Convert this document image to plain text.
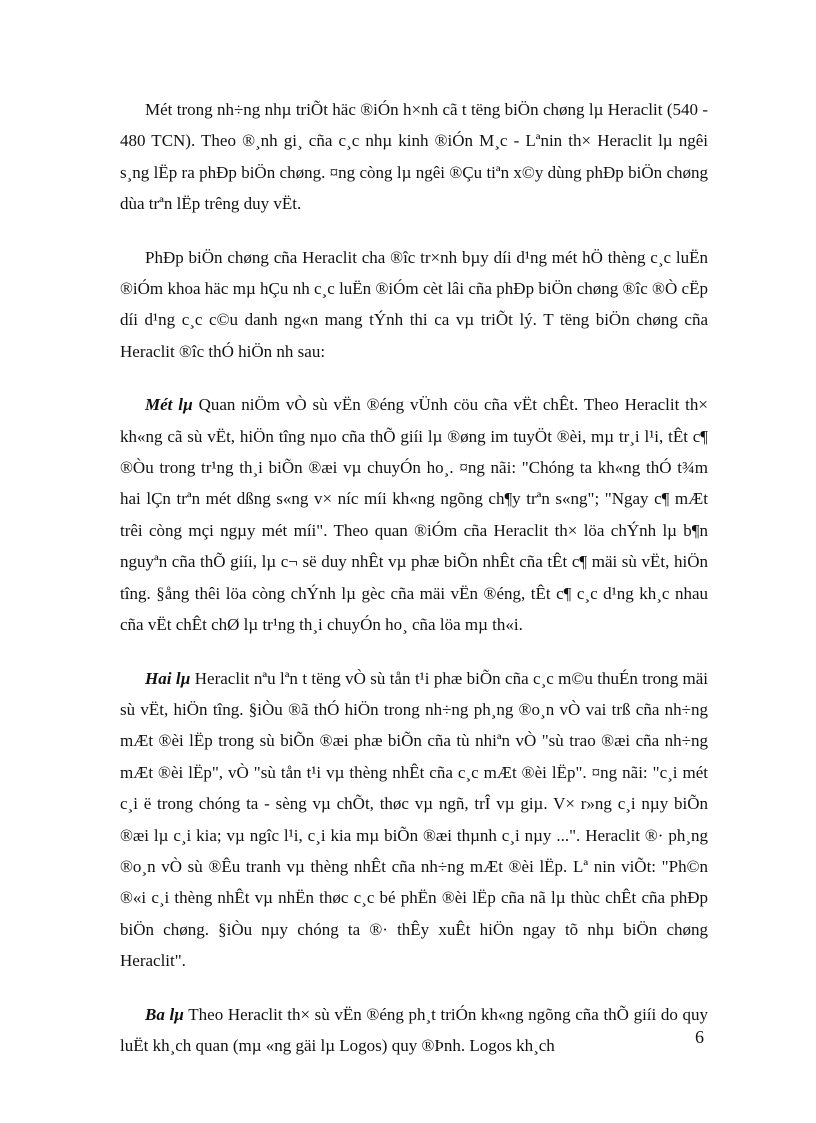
Mét trong nh÷ng nhµ triÕt häc ®iÓn h×nh cã t tëng biÖn chøng lµ Heraclit (540 - 480 TCN). Theo ®¸nh gi¸ cña c¸c nhµ kinh ®iÓn M¸c - Lªnin th× Heraclit lµ ngêi s¸ng lËp ra phÐp biÖn chøng. ¤ng còng lµ ngêi ®Çu tiªn x©y dùng phÐp biÖn chøng dùa trªn lËp trêng duy vËt.

PhÐp biÖn chøng cña Heraclit cha ®îc tr×nh bµy díi d¹ng mét hÖ thèng c¸c luËn ®iÓm khoa häc mµ hÇu nh c¸c luËn ®iÓm cèt lâi cña phÐp biÖn chøng ®îc ®Ò cËp díi d¹ng c¸c c©u danh ng«n mang tÝnh thi ca vµ triÕt lý. T tëng biÖn chøng cña Heraclit ®îc thÓ hiÖn nh sau:

Mét lµ Quan niÖm vÒ sù vËn ®éng vÜnh cöu cña vËt chÊt. Theo Heraclit th× kh«ng cã sù vËt, hiÖn tîng nµo cña thÕ giíi lµ ®øng im tuyÖt ®èi, mµ tr¸i l¹i, tÊt c¶ ®Òu trong tr¹ng th¸i biÕn ®æi vµ chuyÓn ho¸. ¤ng nãi: "Chóng ta kh«ng thÓ t¾m hai lÇn trªn mét dßng s«ng v× níc míi kh«ng ngõng ch¶y trªn s«ng"; "Ngay c¶ mÆt trêi còng mçi ngµy mét míi". Theo quan ®iÓm cña Heraclit th× löa chÝnh lµ b¶n nguyªn cña thÕ giíi, lµ c¬ së duy nhÊt vµ phæ biÕn nhÊt cña tÊt c¶ mäi sù vËt, hiÖn tîng. §ång thêi löa còng chÝnh lµ gèc cña mäi vËn ®éng, tÊt c¶ c¸c d¹ng kh¸c nhau cña vËt chÊt chØ lµ tr¹ng th¸i chuyÓn ho¸ cña löa mµ th«i.

Hai lµ Heraclit nªu lªn t tëng vÒ sù tån t¹i phæ biÕn cña c¸c m©u thuÉn trong mäi sù vËt, hiÖn tîng. §iÒu ®ã thÓ hiÖn trong nh÷ng ph¸ng ®o¸n vÒ vai trß cña nh÷ng mÆt ®èi lËp trong sù biÕn ®æi phæ biÕn cña tù nhiªn vÒ "sù trao ®æi cña nh÷ng mÆt ®èi lËp", vÒ "sù tån t¹i vµ thèng nhÊt cña c¸c mÆt ®èi lËp". ¤ng nãi: "c¸i mét c¸i ë trong chóng ta - sèng vµ chÕt, thøc vµ ngñ, trÎ vµ giµ. V× r»ng c¸i nµy biÕn ®æi lµ c¸i kia; vµ ngîc l¹i, c¸i kia mµ biÕn ®æi thµnh c¸i nµy ...". Heraclit ®· ph¸ng ®o¸n vÒ sù ®Êu tranh vµ thèng nhÊt cña nh÷ng mÆt ®èi lËp. Lª nin viÕt: "Ph©n ®«i c¸i thèng nhÊt vµ nhËn thøc c¸c bé phËn ®èi lËp cña nã lµ thùc chÊt cña phÐp biÖn chøng. §iÒu nµy chóng ta ®· thÊy xuÊt hiÖn ngay tõ nhµ biÖn chøng Heraclit".

Ba lµ Theo Heraclit th× sù vËn ®éng ph¸t triÓn kh«ng ngõng cña thÕ giíi do quy luËt kh¸ch quan (mµ «ng gäi lµ Logos) quy ®Þnh. Logos kh¸ch	6
